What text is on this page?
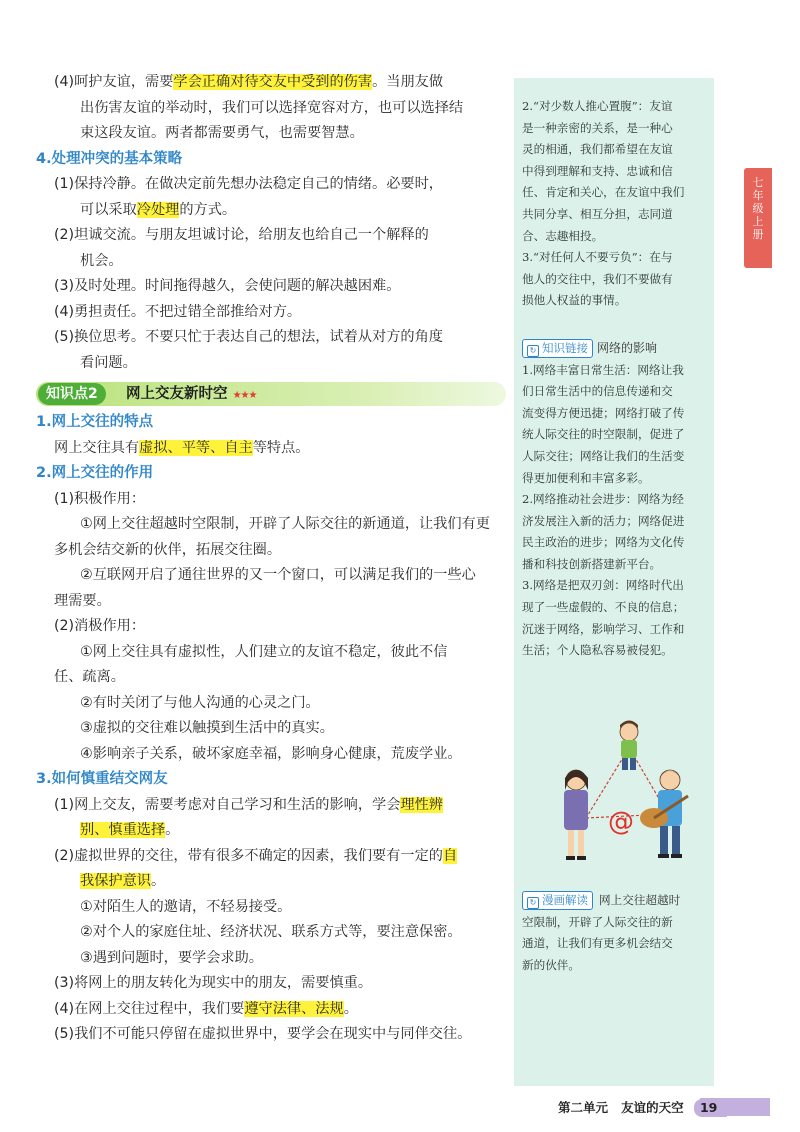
(4)呵护友谊，需要学会正确对待交友中受到的伤害。当朋友做
出伤害友谊的举动时，我们可以选择宽容对方，也可以选择结
束这段友谊。两者都需要勇气，也需要智慧。
4.处理冲突的基本策略
(1)保持冷静。在做决定前先想办法稳定自己的情绪。必要时，
可以采取冷处理的方式。
(2)坦诚交流。与朋友坦诚讨论，给朋友也给自己一个解释的
机会。
(3)及时处理。时间拖得越久，会使问题的解决越困难。
(4)勇担责任。不把过错全部推给对方。
(5)换位思考。不要只忙于表达自己的想法，试着从对方的角度
看问题。
知识点2	网上交友新时空 ★★★
1.网上交往的特点
网上交往具有虚拟、平等、自主等特点。
2.网上交往的作用
(1)积极作用：
①网上交往超越时空限制，开辟了人际交往的新通道，让我们有更
多机会结交新的伙伴，拓展交往圈。
②互联网开启了通往世界的又一个窗口，可以满足我们的一些心
理需要。
(2)消极作用：
①网上交往具有虚拟性，人们建立的友谊不稳定，彼此不信
任、疏离。
②有时关闭了与他人沟通的心灵之门。
③虚拟的交往难以触摸到生活中的真实。
④影响亲子关系，破坏家庭幸福，影响身心健康，荒废学业。
3.如何慎重结交网友
(1)网上交友，需要考虑对自己学习和生活的影响，学会理性辨
别、慎重选择。
(2)虚拟世界的交往，带有很多不确定的因素，我们要有一定的自
我保护意识。
①对陌生人的邀请，不轻易接受。
②对个人的家庭住址、经济状况、联系方式等，要注意保密。
③遇到问题时，要学会求助。
(3)将网上的朋友转化为现实中的朋友，需要慎重。
(4)在网上交往过程中，我们要遵守法律、法规。
(5)我们不可能只停留在虚拟世界中，要学会在现实中与同伴交往。
2.“对少数人推心置腹”：友谊
是一种亲密的关系，是一种心
灵的相通，我们都希望在友谊
中得到理解和支持、忠诚和信
任、肯定和关心，在友谊中我们
共同分享、相互分担，志同道
合、志趣相投。
3.“对任何人不要亏负”：在与
他人的交往中，我们不要做有
损他人权益的事情。
↻ 知识链接 网络的影响
1.网络丰富日常生活：网络让我
们日常生活中的信息传递和交
流变得方便迅捷；网络打破了传
统人际交往的时空限制，促进了
人际交往；网络让我们的生活变
得更加便利和丰富多彩。
2.网络推动社会进步：网络为经
济发展注入新的活力；网络促进
民主政治的进步；网络为文化传
播和科技创新搭建新平台。
3.网络是把双刃剑：网络时代出
现了一些虚假的、不良的信息；
沉迷于网络，影响学习、工作和
生活；个人隐私容易被侵犯。
@
↻ 漫画解读 网上交往超越时
空限制，开辟了人际交往的新
通道，让我们有更多机会结交
新的伙伴。
七年级上册
第二单元 友谊的天空 19
